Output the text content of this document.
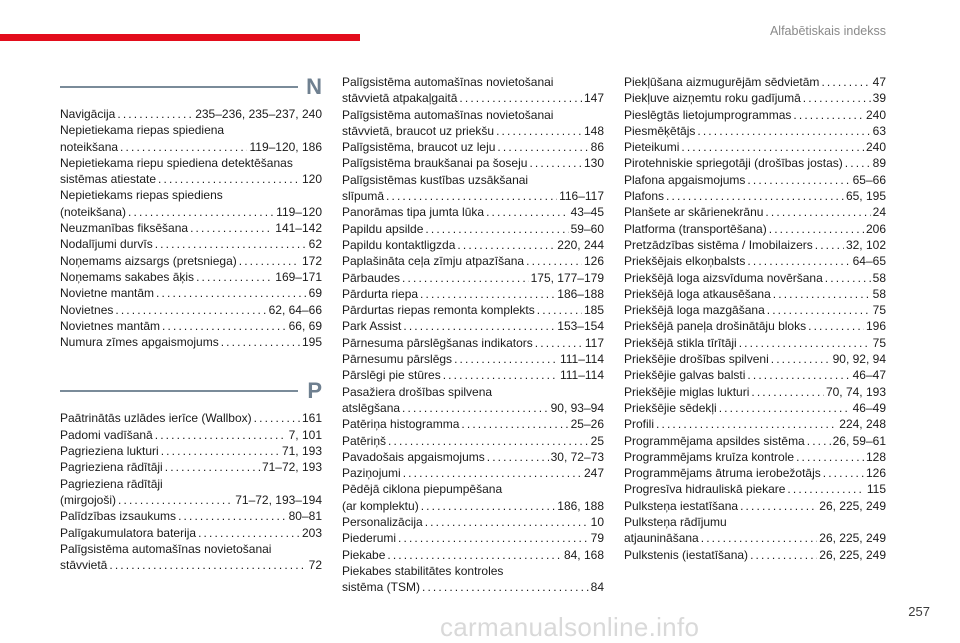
Alfabētiskais indekss
N
Navigācija . . .	235–236, 235–237, 240
Nepietiekama riepas spiediena
noteikšana . . .	119–120, 186
Nepietiekama riepu spiediena detektēšanas
sistēmas atiestate . . .	120
Nepietiekams riepas spiediens
(noteikšana) . . .	119–120
Neuzmanības fiksēšana . . .	141–142
Nodalījumi durvīs . . .	62
Noņemams aizsargs (pretsniega) . . .	172
Noņemams sakabes āķis . . .	169–171
Novietne mantām . . .	69
Novietnes . . .	62, 64–66
Novietnes mantām . . .	66, 69
Numura zīmes apgaismojums . . .	195
P
Paātrinātās uzlādes ierīce (Wallbox) . . .	161
Padomi vadīšanā . . .	7, 101
Pagrieziena lukturi . . .	71, 193
Pagrieziena rādītāji . . .	71–72, 193
Pagrieziena rādītāji
(mirgojoši) . . .	71–72, 193–194
Palīdzības izsaukums . . .	80–81
Palīgakumulatora baterija . . .	203
Palīgsistēma automašīnas novietošanai
stāvvietā . . .	72
Palīgsistēma automašīnas novietošanai
stāvvietā atpakaļgaitā . . .	147
Palīgsistēma automašīnas novietošanai
stāvvietā, braucot uz priekšu . . .	148
Palīgsistēma, braucot uz leju . . .	86
Palīgsistēma braukšanai pa šoseju . . .	130
Palīgsistēmas kustības uzsākšanai
slīpumā . . .	116–117
Panorāmas tipa jumta lūka . . .	43–45
Papildu apsilde . . .	59–60
Papildu kontaktligzda . . .	220, 244
Paplašināta ceļa zīmju atpazīšana . . .	126
Pārbaudes . . .	175, 177–179
Pārdurta riepa . . .	186–188
Pārdurtas riepas remonta komplekts . . .	185
Park Assist . . .	153–154
Pārnesuma pārslēgšanas indikators . . .	117
Pārnesumu pārslēgs . . .	111–114
Pārslēgi pie stūres . . .	111–114
Pasažiera drošības spilvena
atslēgšana . . .	90, 93–94
Patēriņa histogramma . . .	25–26
Patēriņš . . .	25
Pavadošais apgaismojums . . .	30, 72–73
Paziņojumi . . .	247
Pēdējā ciklona piepumpēšana
(ar komplektu) . . .	186, 188
Personalizācija . . .	10
Piederumi . . .	79
Piekabe . . .	84, 168
Piekabes stabilitātes kontroles
sistēma (TSM) . . .	84
Piekļūšana aizmugurējām sēdvietām . . .	47
Piekļuve aizņemtu roku gadījumā . . .	39
Pieslēgtās lietojumprogrammas . . .	240
Piesmēķētājs . . .	63
Pieteikumi . . .	240
Pirotehniskie spriegotāji (drošības jostas) . . . 89
Plafona apgaismojums . . .	65–66
Plafons . . .	65, 195
Planšete ar skārienekrānu . . .	24
Platforma (transportēšana) . . .	206
Pretzādzības sistēma / Imobilaizers . . .	32, 102
Priekšējais elkoņbalsts . . .	64–65
Priekšējā loga aizsvīduma novēršana . . .	58
Priekšējā loga atkausēšana . . .	58
Priekšējā loga mazgāšana . . .	75
Priekšējā paneļa drošinātāju bloks . . .	196
Priekšējā stikla tīrītāji . . .	75
Priekšējie drošības spilveni . . .	90, 92, 94
Priekšējie galvas balsti . . .	46–47
Priekšējie miglas lukturi . . .	70, 74, 193
Priekšējie sēdekļi . . .	46–49
Profili . . .	224, 248
Programmējama apsildes sistēma . . . 26, 59–61
Programmējams kruīza kontrole . . .	128
Programmējams ātruma ierobežotājs . . .	126
Progresīva hidrauliskā piekare . . .	115
Pulksteņa iestatīšana . . .	26, 225, 249
Pulksteņa rādījumu
atjaunināšana . . .	26, 225, 249
Pulkstenis (iestatīšana) . . .	26, 225, 249
257
carmanualsonline.info
